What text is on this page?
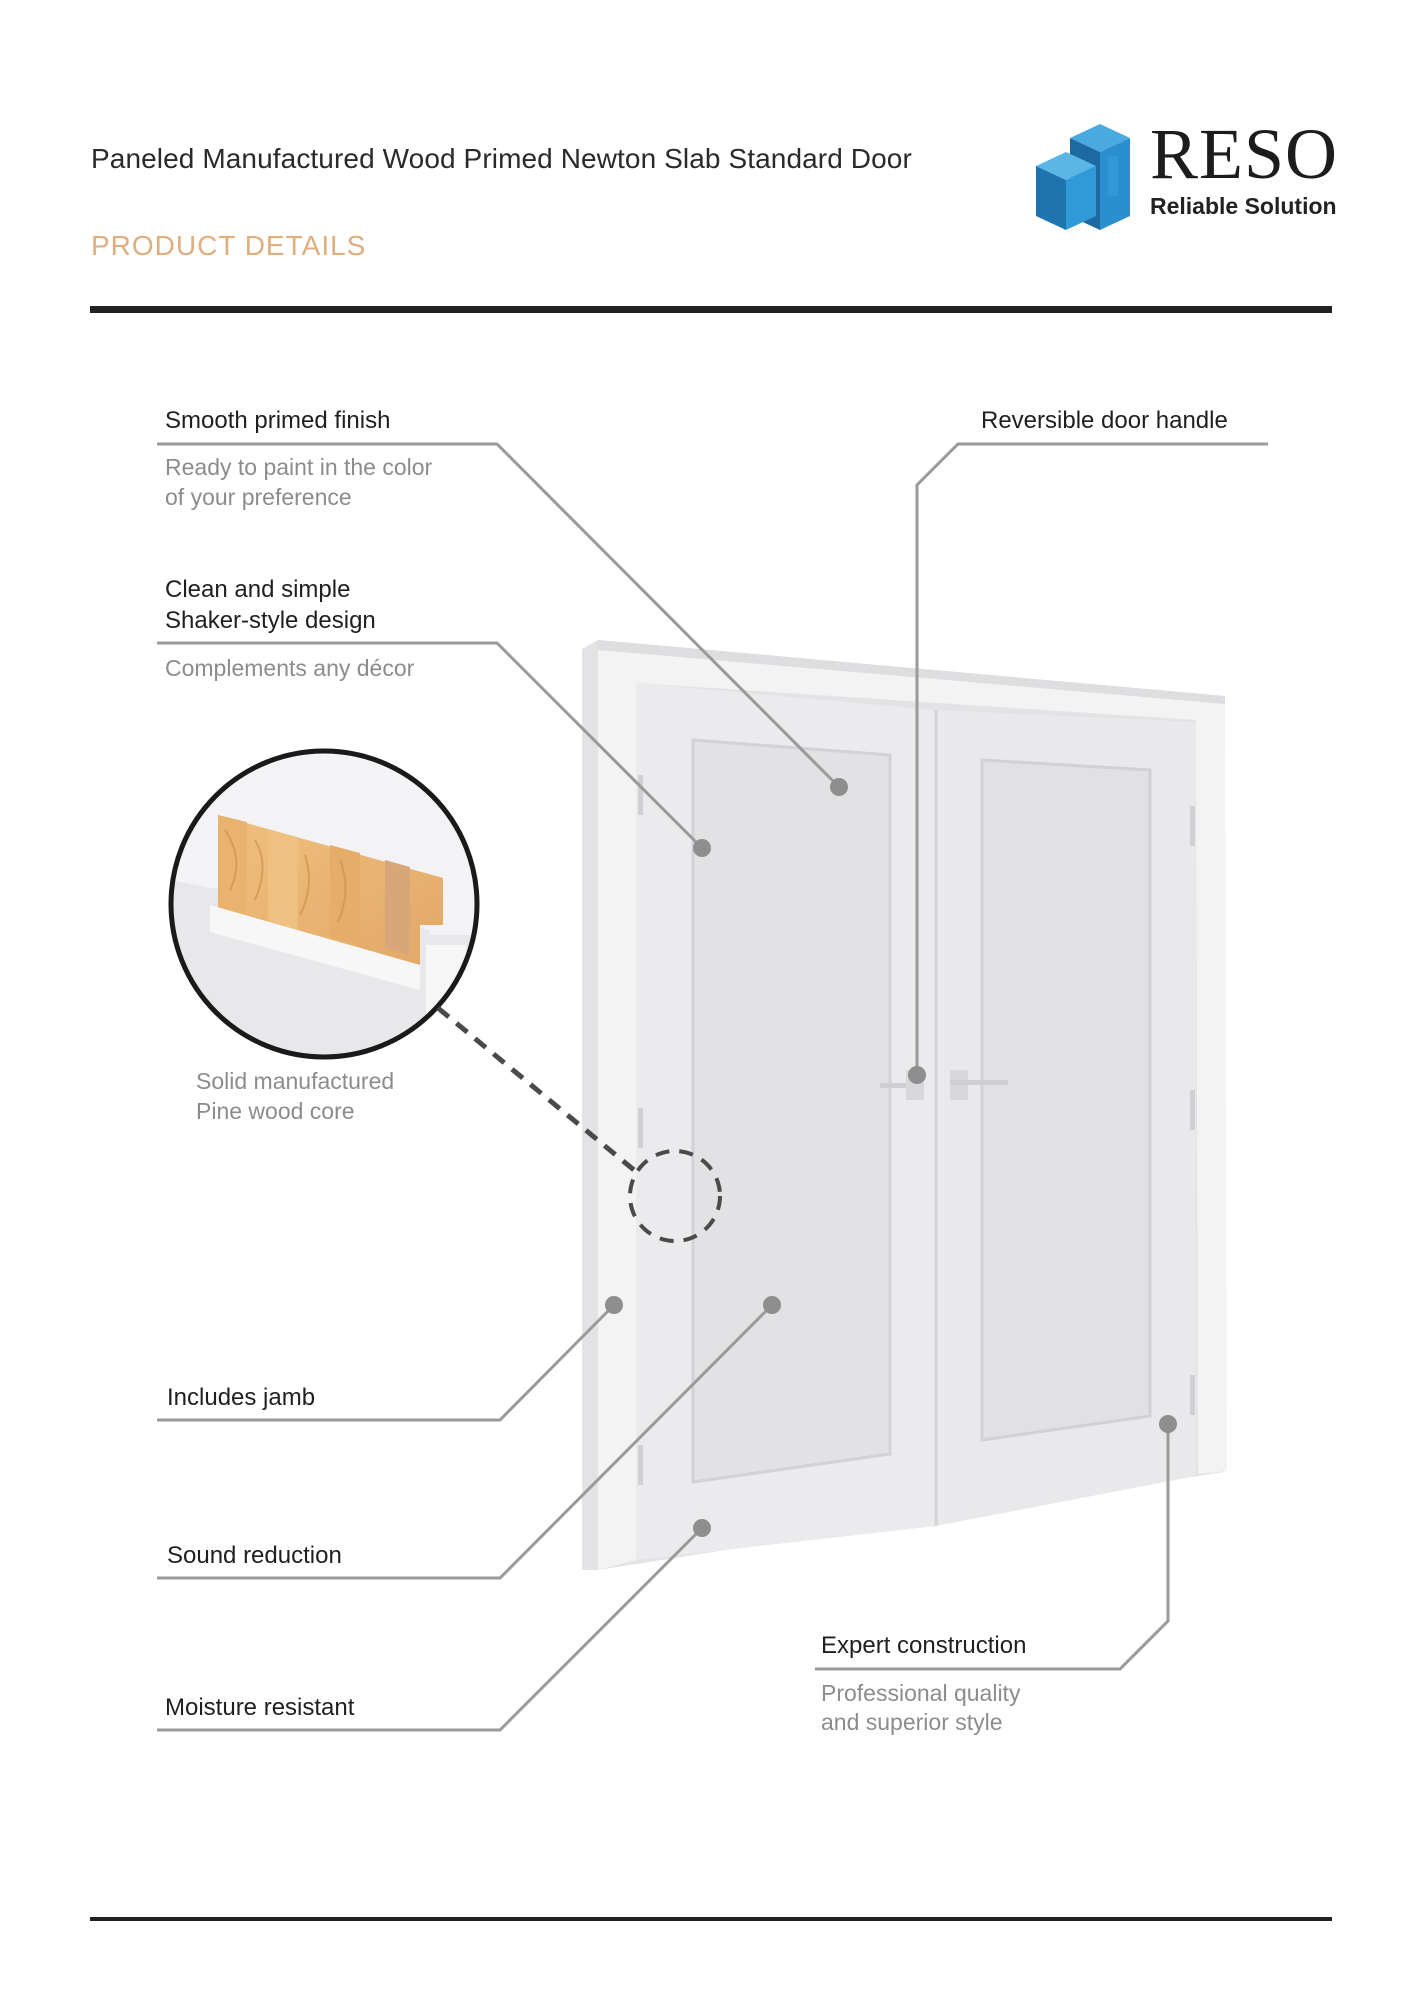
Paneled Manufactured Wood Primed Newton Slab Standard Door
PRODUCT DETAILS
RESO
Reliable Solution
Smooth primed finish
Ready to paint in the color
of your preference
Clean and simple
Shaker-style design
Complements any décor
Solid manufactured
Pine wood core
Includes jamb
Sound reduction
Moisture resistant
Reversible door handle
Expert construction
Professional quality
and superior style
